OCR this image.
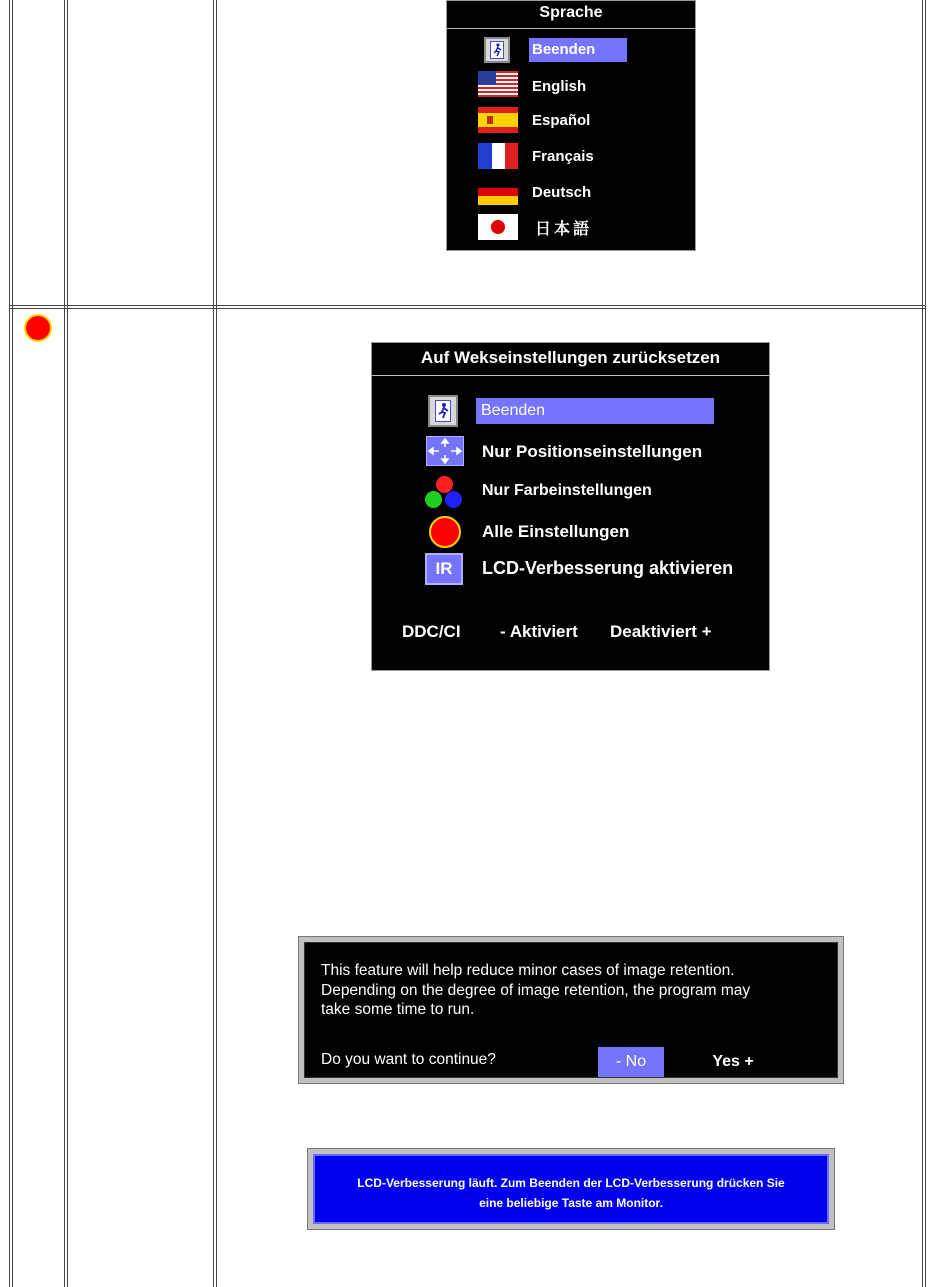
Sprache
Beenden
English
Español
Français
Deutsch
日本語
Auf Wekseinstellungen zurücksetzen
Beenden
Nur Positionseinstellungen
Nur Farbeinstellungen
Alle Einstellungen
IR LCD-Verbesserung aktivieren
DDC/CI - Aktiviert Deaktiviert +
This feature will help reduce minor cases of image retention.
Depending on the degree of image retention, the program may
take some time to run.
Do you want to continue?	- No	Yes +
LCD-Verbesserung läuft. Zum Beenden der LCD-Verbesserung drücken Sie
eine beliebige Taste am Monitor.
